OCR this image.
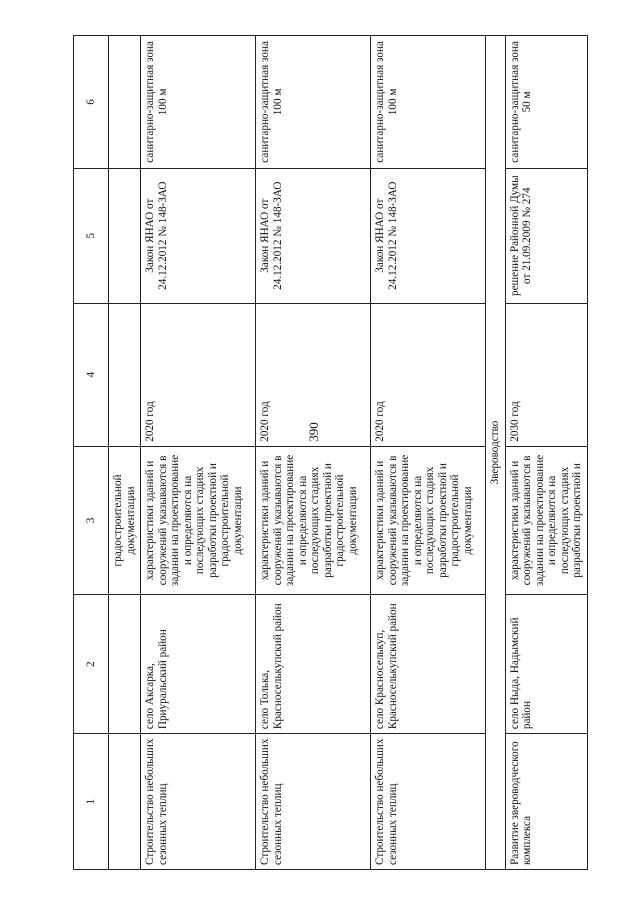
390
1	2	3	4	5	6
		градостроительной документации			
Строительство небольших сезонных теплиц	село Аксарка, Приуральский район	характеристики зданий и сооружений указываются в задании на проектирование и определяются на последующих стадиях разработки проектной и градостроительной документации	2020 год	Закон ЯНАО от 24.12.2012 № 148-ЗАО	санитарно-защитная зона 100 м
Строительство небольших сезонных теплиц	село Толька, Красноселькупский район	характеристики зданий и сооружений указываются в задании на проектирование и определяются на последующих стадиях разработки проектной и градостроительной документации	2020 год	Закон ЯНАО от 24.12.2012 № 148-ЗАО	санитарно-защитная зона 100 м
Строительство небольших сезонных теплиц	село Красноселькуп, Красноселькупский район	характеристики зданий и сооружений указываются в задании на проектирование и определяются на последующих стадиях разработки проектной и градостроительной документации	2020 год	Закон ЯНАО от 24.12.2012 № 148-ЗАО	санитарно-защитная зона 100 м
Звероводство					
Развитие звероводческого комплекса	село Ныда, Надымский район	характеристики зданий и сооружений указываются в задании на проектирование и определяются на последующих стадиях разработки проектной и	2030 год	решение Районной Думы от 21.09.2009 № 274	санитарно-защитная зона 50 м
